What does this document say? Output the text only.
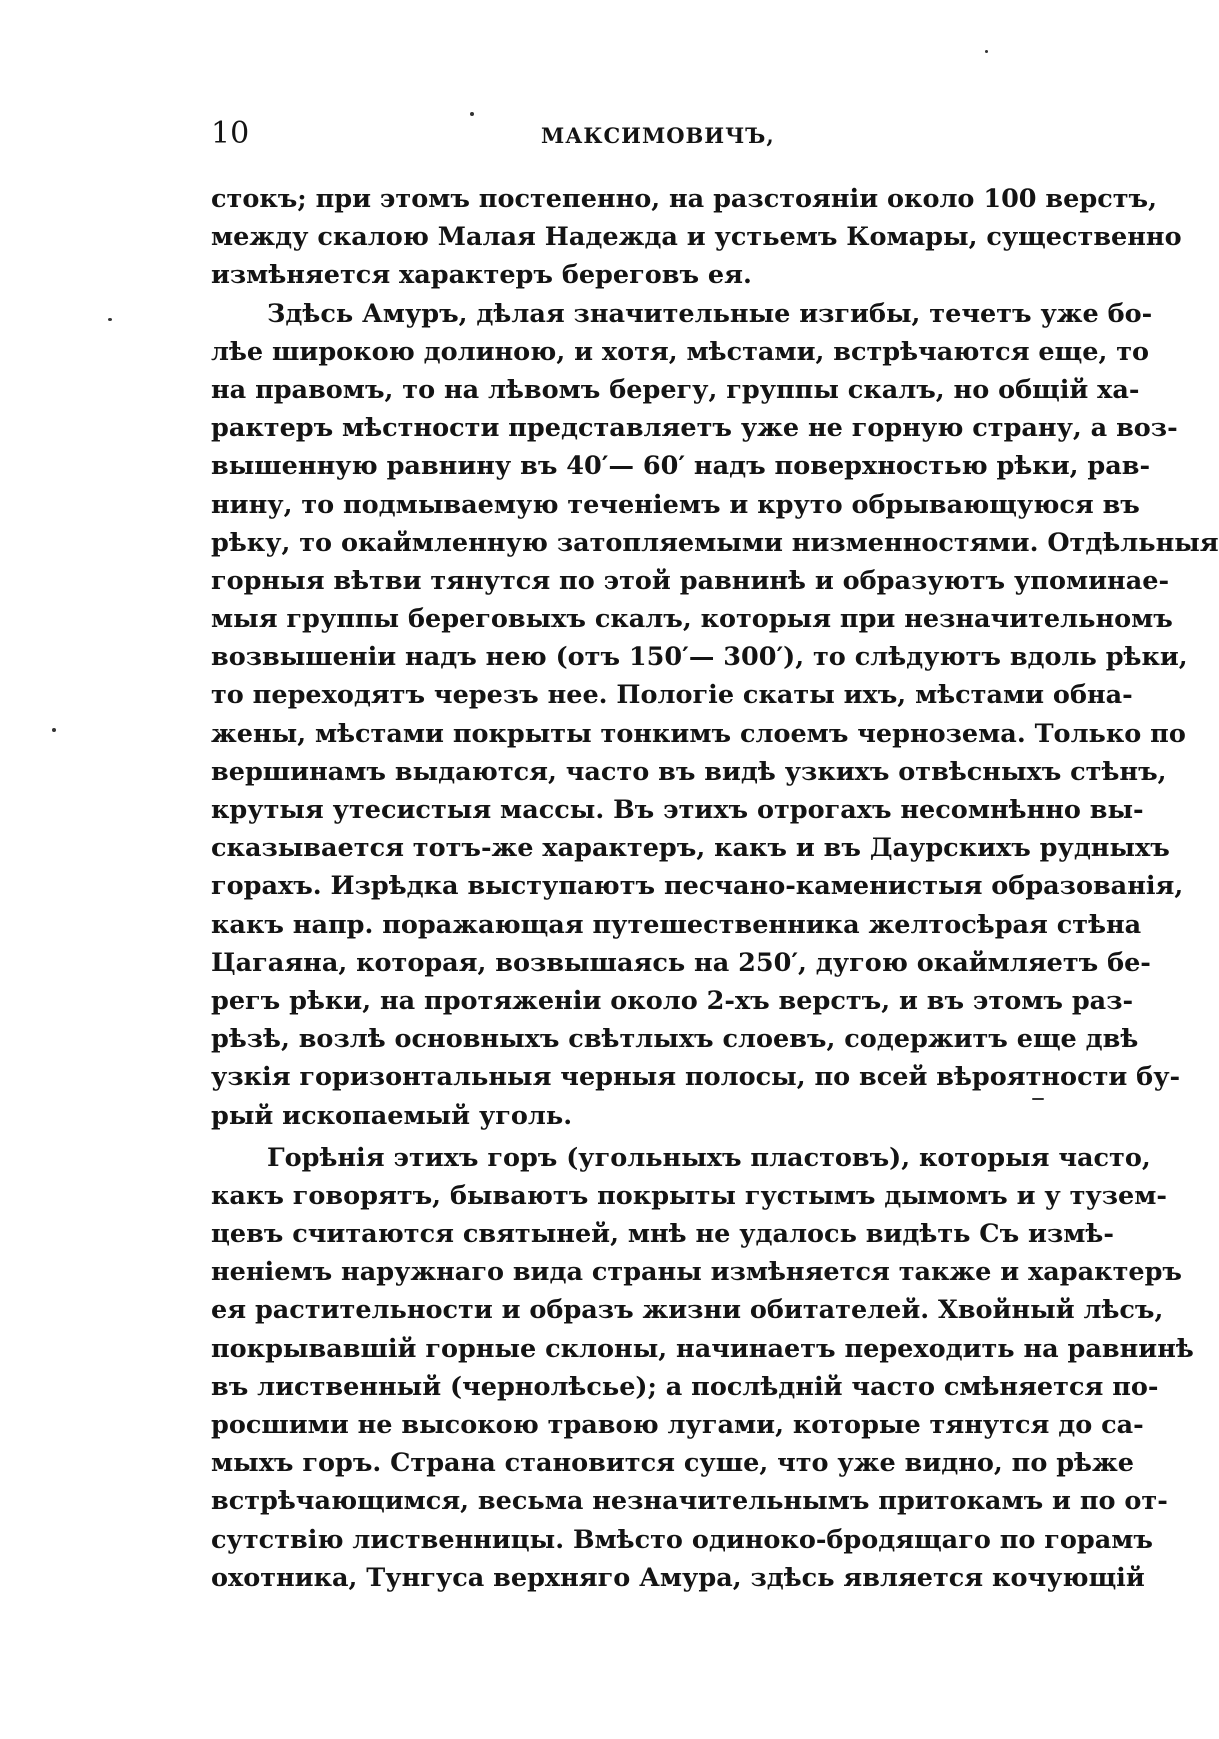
10	МАКСИМОВИЧЪ,
стокъ; при этомъ постепенно, на разстояніи около 100 верстъ,
между скалою Малая Надежда и устьемъ Комары, существенно
измѣняется характеръ береговъ ея.
Здѣсь Амуръ, дѣлая значительные изгибы, течетъ уже бо-
лѣе широкою долиною, и хотя, мѣстами, встрѣчаются еще, то
на правомъ, то на лѣвомъ берегу, группы скалъ, но общій ха-
рактеръ мѣстности представляетъ уже не горную страну, а воз-
вышенную равнину въ 40′— 60′ надъ поверхностью рѣки, рав-
нину, то подмываемую теченіемъ и круто обрывающуюся въ
рѣку, то окаймленную затопляемыми низменностями. Отдѣльныя
горныя вѣтви тянутся по этой равнинѣ и образуютъ упоминае-
мыя группы береговыхъ скалъ, которыя при незначительномъ
возвышеніи надъ нею (отъ 150′— 300′), то слѣдуютъ вдоль рѣки,
то переходятъ черезъ нее. Пологіе скаты ихъ, мѣстами обна-
жены, мѣстами покрыты тонкимъ слоемъ чернозема. Только по
вершинамъ выдаются, часто въ видѣ узкихъ отвѣсныхъ стѣнъ,
крутыя утесистыя массы. Въ этихъ отрогахъ несомнѣнно вы-
сказывается тотъ-же характеръ, какъ и въ Даурскихъ рудныхъ
горахъ. Изрѣдка выступаютъ песчано-каменистыя образованія,
какъ напр. поражающая путешественника желтосѣрая стѣна
Цагаяна, которая, возвышаясь на 250′, дугою окаймляетъ бе-
регъ рѣки, на протяженіи около 2-хъ верстъ, и въ этомъ раз-
рѣзѣ, возлѣ основныхъ свѣтлыхъ слоевъ, содержитъ еще двѣ
узкія горизонтальныя черныя полосы, по всей вѣроятности бу-
рый ископаемый уголь.
Горѣнія этихъ горъ (угольныхъ пластовъ), которыя часто,
какъ говорятъ, бываютъ покрыты густымъ дымомъ и у тузем-
цевъ считаются святыней, мнѣ не удалось видѣть Съ измѣ-
неніемъ наружнаго вида страны измѣняется также и характеръ
ея растительности и образъ жизни обитателей. Хвойный лѣсъ,
покрывавшій горные склоны, начинаетъ переходить на равнинѣ
въ лиственный (чернолѣсье); а послѣдній часто смѣняется по-
росшими не высокою травою лугами, которые тянутся до са-
мыхъ горъ. Страна становится суше, что уже видно, по рѣже
встрѣчающимся, весьма незначительнымъ притокамъ и по от-
сутствію лиственницы. Вмѣсто одиноко-бродящаго по горамъ
охотника, Тунгуса верхняго Амура, здѣсь является кочующій
